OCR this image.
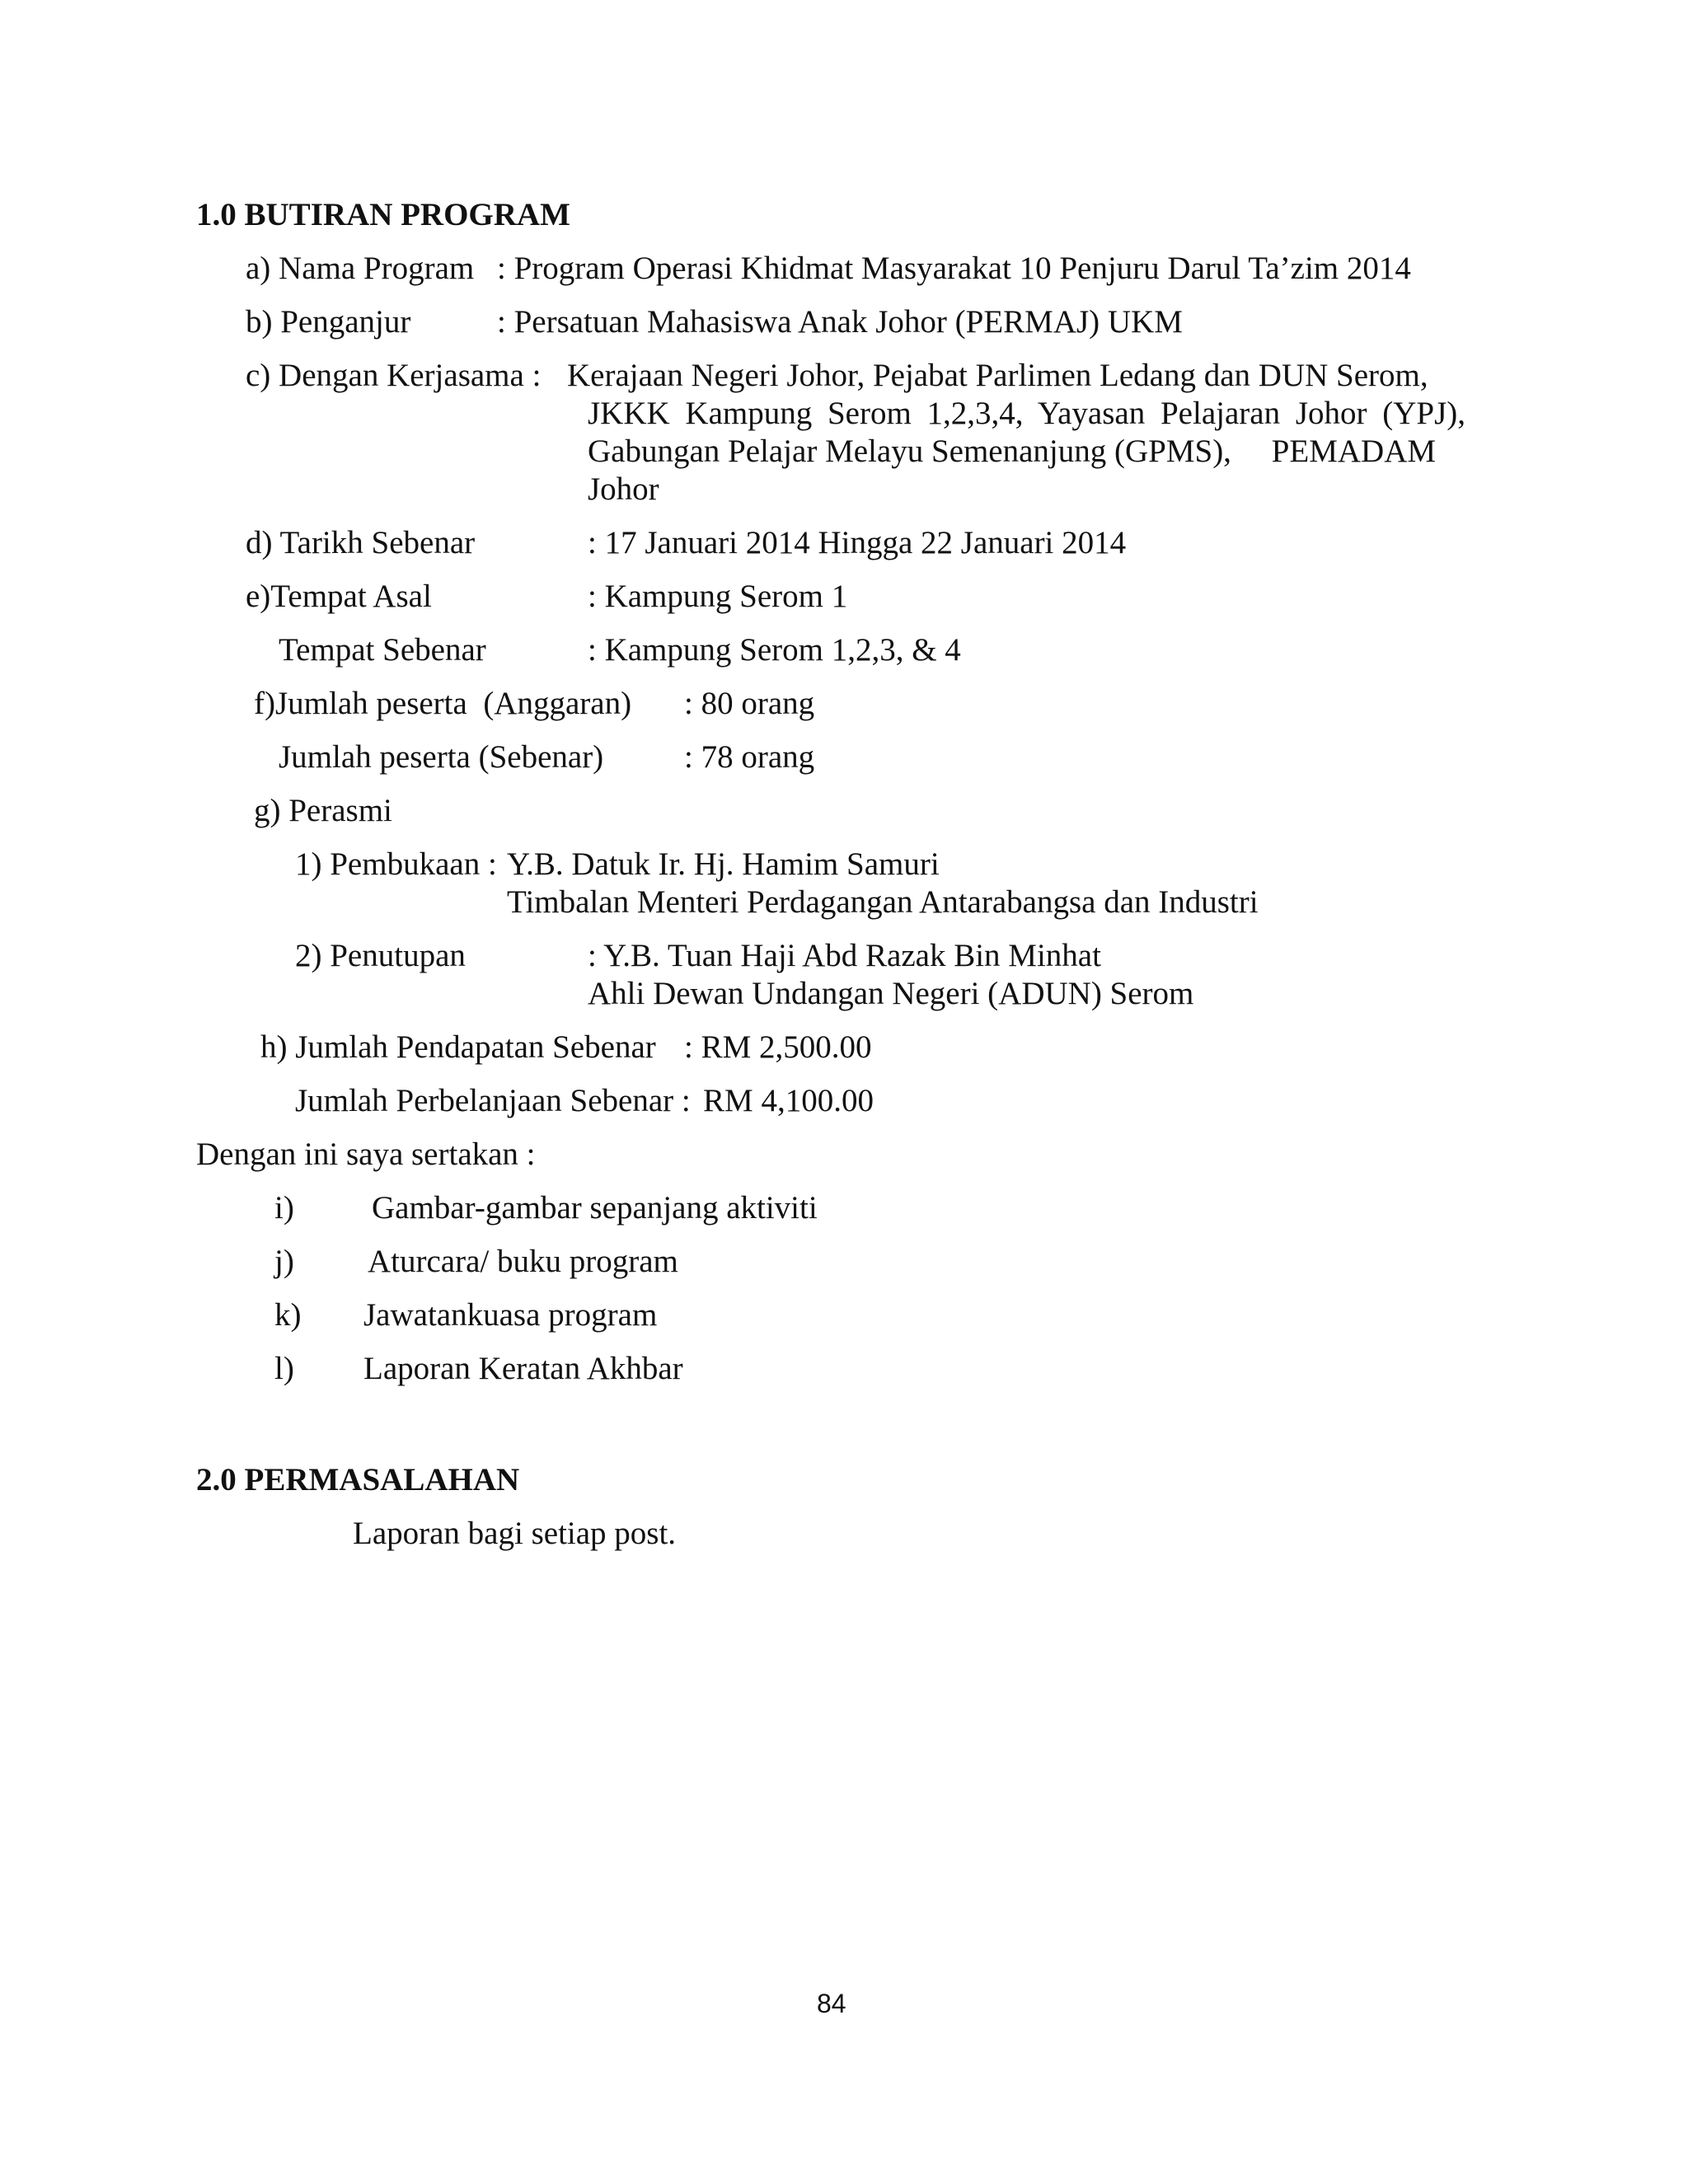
1.0 BUTIRAN PROGRAM
a) Nama Program : Program Operasi Khidmat Masyarakat 10 Penjuru Darul Ta’zim 2014
b) Penganjur	: Persatuan Mahasiswa Anak Johor (PERMAJ) UKM
c) Dengan Kerjasama : Kerajaan Negeri Johor, Pejabat Parlimen Ledang dan DUN Serom,
JKKK Kampung Serom 1,2,3,4, Yayasan Pelajaran Johor (YPJ),
Gabungan Pelajar Melayu Semenanjung (GPMS),     PEMADAM
Johor
d) Tarikh Sebenar	: 17 Januari 2014 Hingga 22 Januari 2014
e)Tempat Asal	: Kampung Serom 1
Tempat Sebenar	: Kampung Serom 1,2,3, & 4
f)Jumlah peserta  (Anggaran) : 80 orang
Jumlah peserta (Sebenar)	: 78 orang
g) Perasmi
1) Pembukaan : Y.B. Datuk Ir. Hj. Hamim Samuri
Timbalan Menteri Perdagangan Antarabangsa dan Industri
2) Penutupan	: Y.B. Tuan Haji Abd Razak Bin Minhat
Ahli Dewan Undangan Negeri (ADUN) Serom
h) Jumlah Pendapatan Sebenar : RM 2,500.00
Jumlah Perbelanjaan Sebenar : RM 4,100.00
Dengan ini saya sertakan :
i) Gambar-gambar sepanjang aktiviti
j) Aturcara/ buku program
k) Jawatankuasa program
l) Laporan Keratan Akhbar
2.0 PERMASALAHAN
Laporan bagi setiap post.
84
